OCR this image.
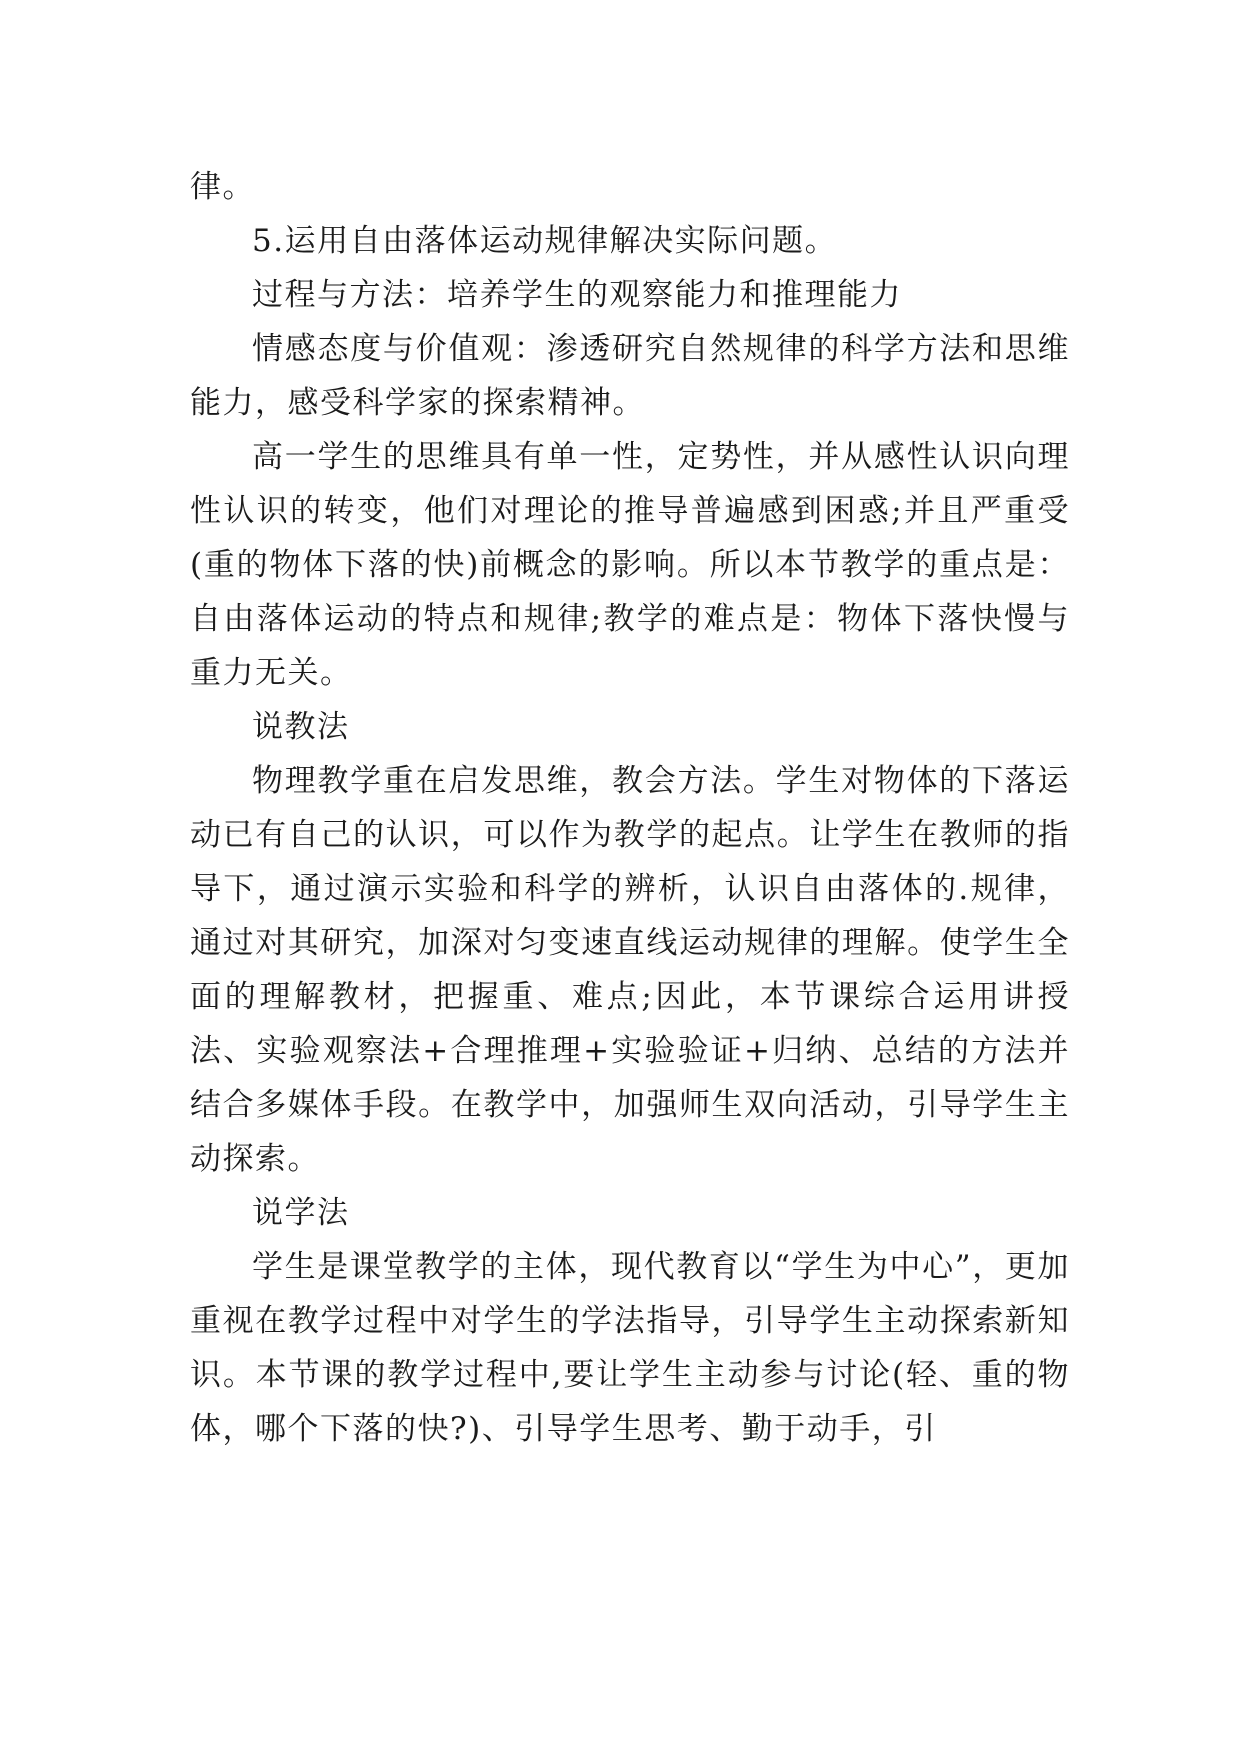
律。

5.运用自由落体运动规律解决实际问题。

过程与方法：培养学生的观察能力和推理能力

情感态度与价值观：渗透研究自然规律的科学方法和思维能力，感受科学家的探索精神。

高一学生的思维具有单一性，定势性，并从感性认识向理性认识的转变，他们对理论的推导普遍感到困惑;并且严重受(重的物体下落的快)前概念的影响。所以本节教学的重点是：自由落体运动的特点和规律;教学的难点是：物体下落快慢与重力无关。

说教法

物理教学重在启发思维，教会方法。学生对物体的下落运动已有自己的认识，可以作为教学的起点。让学生在教师的指导下，通过演示实验和科学的辨析，认识自由落体的.规律，通过对其研究，加深对匀变速直线运动规律的理解。使学生全面的理解教材，把握重、难点;因此，本节课综合运用讲授法、实验观察法+合理推理+实验验证+归纳、总结的方法并结合多媒体手段。在教学中，加强师生双向活动，引导学生主动探索。

说学法

学生是课堂教学的主体，现代教育以“学生为中心”，更加重视在教学过程中对学生的学法指导，引导学生主动探索新知识。本节课的教学过程中,要让学生主动参与讨论(轻、重的物体，哪个下落的快?)、引导学生思考、勤于动手，引
